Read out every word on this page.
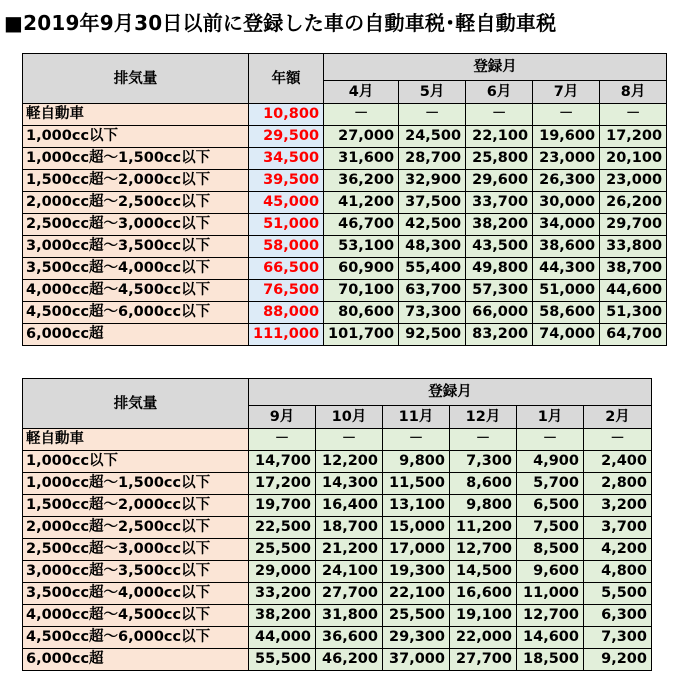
■2019年9月30日以前に登録した車の自動車税･軽自動車税
排気量	年額	登録月				
		4月	5月	6月	7月	8月
軽自動車	10,800	－	－	－	－	－
1,000cc以下	29,500	27,000	24,500	22,100	19,600	17,200
1,000cc超～1,500cc以下	34,500	31,600	28,700	25,800	23,000	20,100
1,500cc超～2,000cc以下	39,500	36,200	32,900	29,600	26,300	23,000
2,000cc超～2,500cc以下	45,000	41,200	37,500	33,700	30,000	26,200
2,500cc超～3,000cc以下	51,000	46,700	42,500	38,200	34,000	29,700
3,000cc超～3,500cc以下	58,000	53,100	48,300	43,500	38,600	33,800
3,500cc超～4,000cc以下	66,500	60,900	55,400	49,800	44,300	38,700
4,000cc超～4,500cc以下	76,500	70,100	63,700	57,300	51,000	44,600
4,500cc超～6,000cc以下	88,000	80,600	73,300	66,000	58,600	51,300
6,000cc超	111,000	101,700	92,500	83,200	74,000	64,700
排気量	登録月					
	9月	10月	11月	12月	1月	2月
軽自動車	－	－	－	－	－	－
1,000cc以下	14,700	12,200	9,800	7,300	4,900	2,400
1,000cc超～1,500cc以下	17,200	14,300	11,500	8,600	5,700	2,800
1,500cc超～2,000cc以下	19,700	16,400	13,100	9,800	6,500	3,200
2,000cc超～2,500cc以下	22,500	18,700	15,000	11,200	7,500	3,700
2,500cc超～3,000cc以下	25,500	21,200	17,000	12,700	8,500	4,200
3,000cc超～3,500cc以下	29,000	24,100	19,300	14,500	9,600	4,800
3,500cc超～4,000cc以下	33,200	27,700	22,100	16,600	11,000	5,500
4,000cc超～4,500cc以下	38,200	31,800	25,500	19,100	12,700	6,300
4,500cc超～6,000cc以下	44,000	36,600	29,300	22,000	14,600	7,300
6,000cc超	55,500	46,200	37,000	27,700	18,500	9,200
